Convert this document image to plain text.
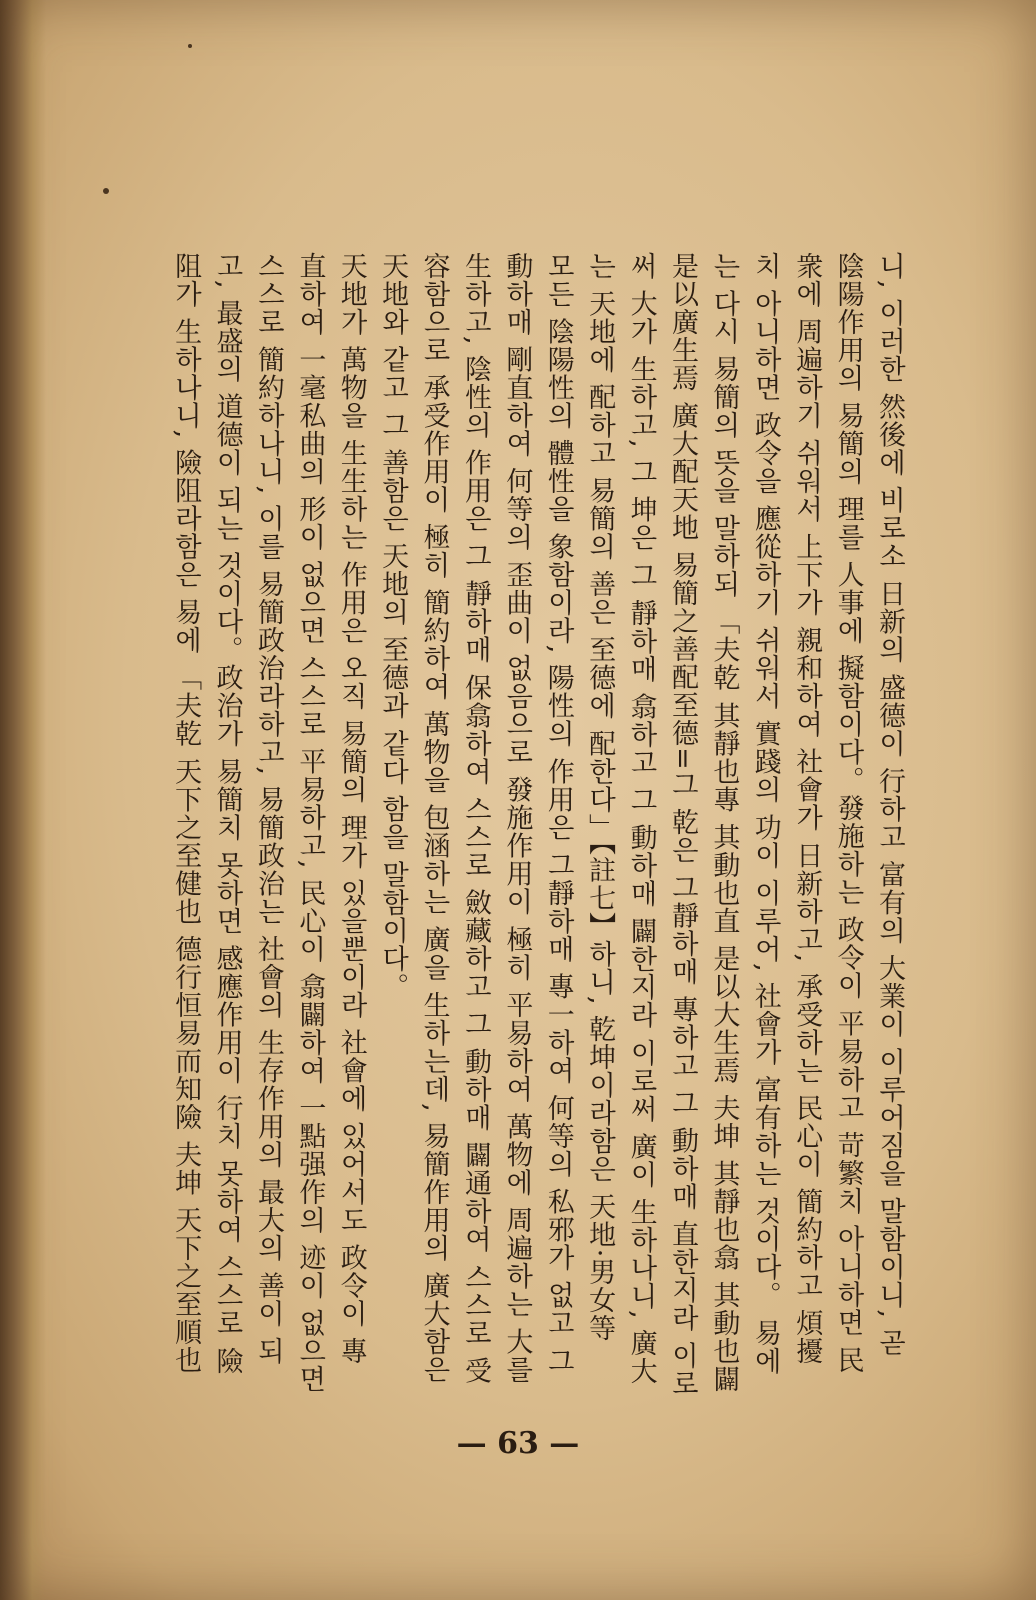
니, 이러한 然後에 비로소 日新의 盛德이 行하고 富有의 大業이 이루어짐을 말함이니, 곧
陰陽作用의 易簡의 理를 人事에 擬함이다。發施하는 政令이 平易하고 苛繁치 아니하면 民
衆에 周遍하기 쉬워서 上下가 親和하여 社會가 日新하고, 承受하는 民心이 簡約하고 煩擾
치 아니하면 政令을 應從하기 쉬워서 實踐의 功이 이루어, 社會가 富有하는 것이다。 易에
는 다시 易簡의 뜻을 말하되 「夫乾 其靜也專 其動也直 是以大生焉 夫坤 其靜也翕 其動也闢
是以廣生焉 廣大配天地 易簡之善配至德=그 乾은 그靜하매 專하고 그 動하매 直한지라 이로
써 大가 生하고, 그 坤은 그 靜하매 翕하고 그 動하매 闢한지라 이로써 廣이 生하나니, 廣大
는 天地에 配하고 易簡의 善은 至德에 配한다」【註七】하니, 乾坤이라함은 天地·男女等
모든 陰陽性의 體性을 象함이라, 陽性의 作用은 그靜하매 專一하여 何等의 私邪가 없고 그
動하매 剛直하여 何等의 歪曲이 없음으로 發施作用이 極히 平易하여 萬物에 周遍하는 大를
生하고, 陰性의 作用은 그 靜하매 保翕하여 스스로 斂藏하고 그 動하매 闢通하여 스스로 受
容함으로 承受作用이 極히 簡約하여 萬物을 包涵하는 廣을 生하는데, 易簡作用의 廣大함은
天地와 같고 그 善함은 天地의 至德과 같다 함을 말함이다。
天地가 萬物을 生生하는 作用은 오직 易簡의 理가 있을뿐이라 社會에 있어서도 政令이 專
直하여 一毫私曲의 形이 없으면 스스로 平易하고, 民心이 翕闢하여 一點强作의 迹이 없으면
스스로 簡約하나니, 이를 易簡政治라하고, 易簡政治는 社會의 生存作用의 最大의 善이 되
고, 最盛의 道德이 되는 것이다。政治가 易簡치 못하면 感應作用이 行치 못하여 스스로 險
阻가 生하나니, 險阻라함은 易에 「夫乾 天下之至健也 德行恒易而知險 夫坤 天下之至順也
— 63 —
